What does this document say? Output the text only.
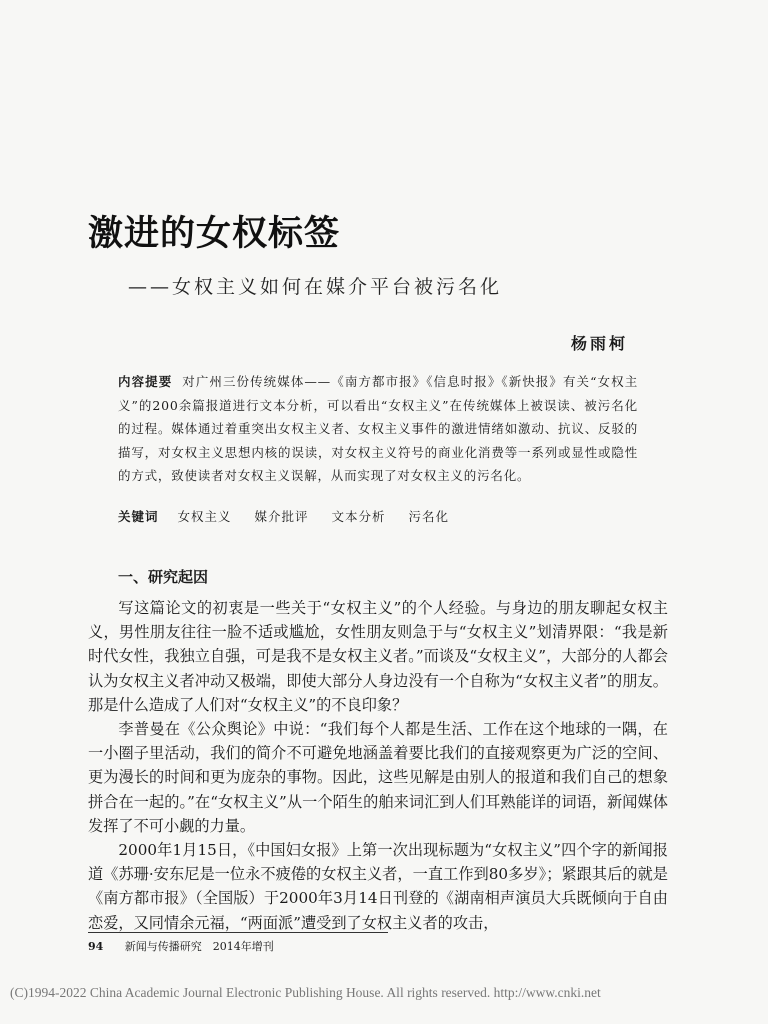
激进的女权标签
——女权主义如何在媒介平台被污名化
杨雨柯
内容提要 对广州三份传统媒体——《南方都市报》《信息时报》《新快报》有关“女权主义”的200余篇报道进行文本分析，可以看出“女权主义”在传统媒体上被误读、被污名化的过程。媒体通过着重突出女权主义者、女权主义事件的激进情绪如激动、抗议、反驳的描写，对女权主义思想内核的误读，对女权主义符号的商业化消费等一系列或显性或隐性的方式，致使读者对女权主义误解，从而实现了对女权主义的污名化。
关键词 女权主义 媒介批评 文本分析 污名化
一、研究起因

写这篇论文的初衷是一些关于“女权主义”的个人经验。与身边的朋友聊起女权主义，男性朋友往往一脸不适或尴尬，女性朋友则急于与“女权主义”划清界限：“我是新时代女性，我独立自强，可是我不是女权主义者。”而谈及“女权主义”，大部分的人都会认为女权主义者冲动又极端，即使大部分人身边没有一个自称为“女权主义者”的朋友。那是什么造成了人们对“女权主义”的不良印象？

李普曼在《公众舆论》中说：“我们每个人都是生活、工作在这个地球的一隅，在一小圈子里活动，我们的简介不可避免地涵盖着要比我们的直接观察更为广泛的空间、更为漫长的时间和更为庞杂的事物。因此，这些见解是由别人的报道和我们自己的想象拼合在一起的。”在“女权主义”从一个陌生的舶来词汇到人们耳熟能详的词语，新闻媒体发挥了不可小觑的力量。

2000年1月15日，《中国妇女报》上第一次出现标题为“女权主义”四个字的新闻报道《苏珊·安东尼是一位永不疲倦的女权主义者，一直工作到80多岁》；紧跟其后的就是《南方都市报》（全国版）于2000年3月14日刊登的《湖南相声演员大兵既倾向于自由恋爱，又同情余元福，“两面派”遭受到了女权主义者的攻击，

94 新闻与传播研究　2014年增刊
(C)1994-2022 China Academic Journal Electronic Publishing House. All rights reserved. http://www.cnki.net
